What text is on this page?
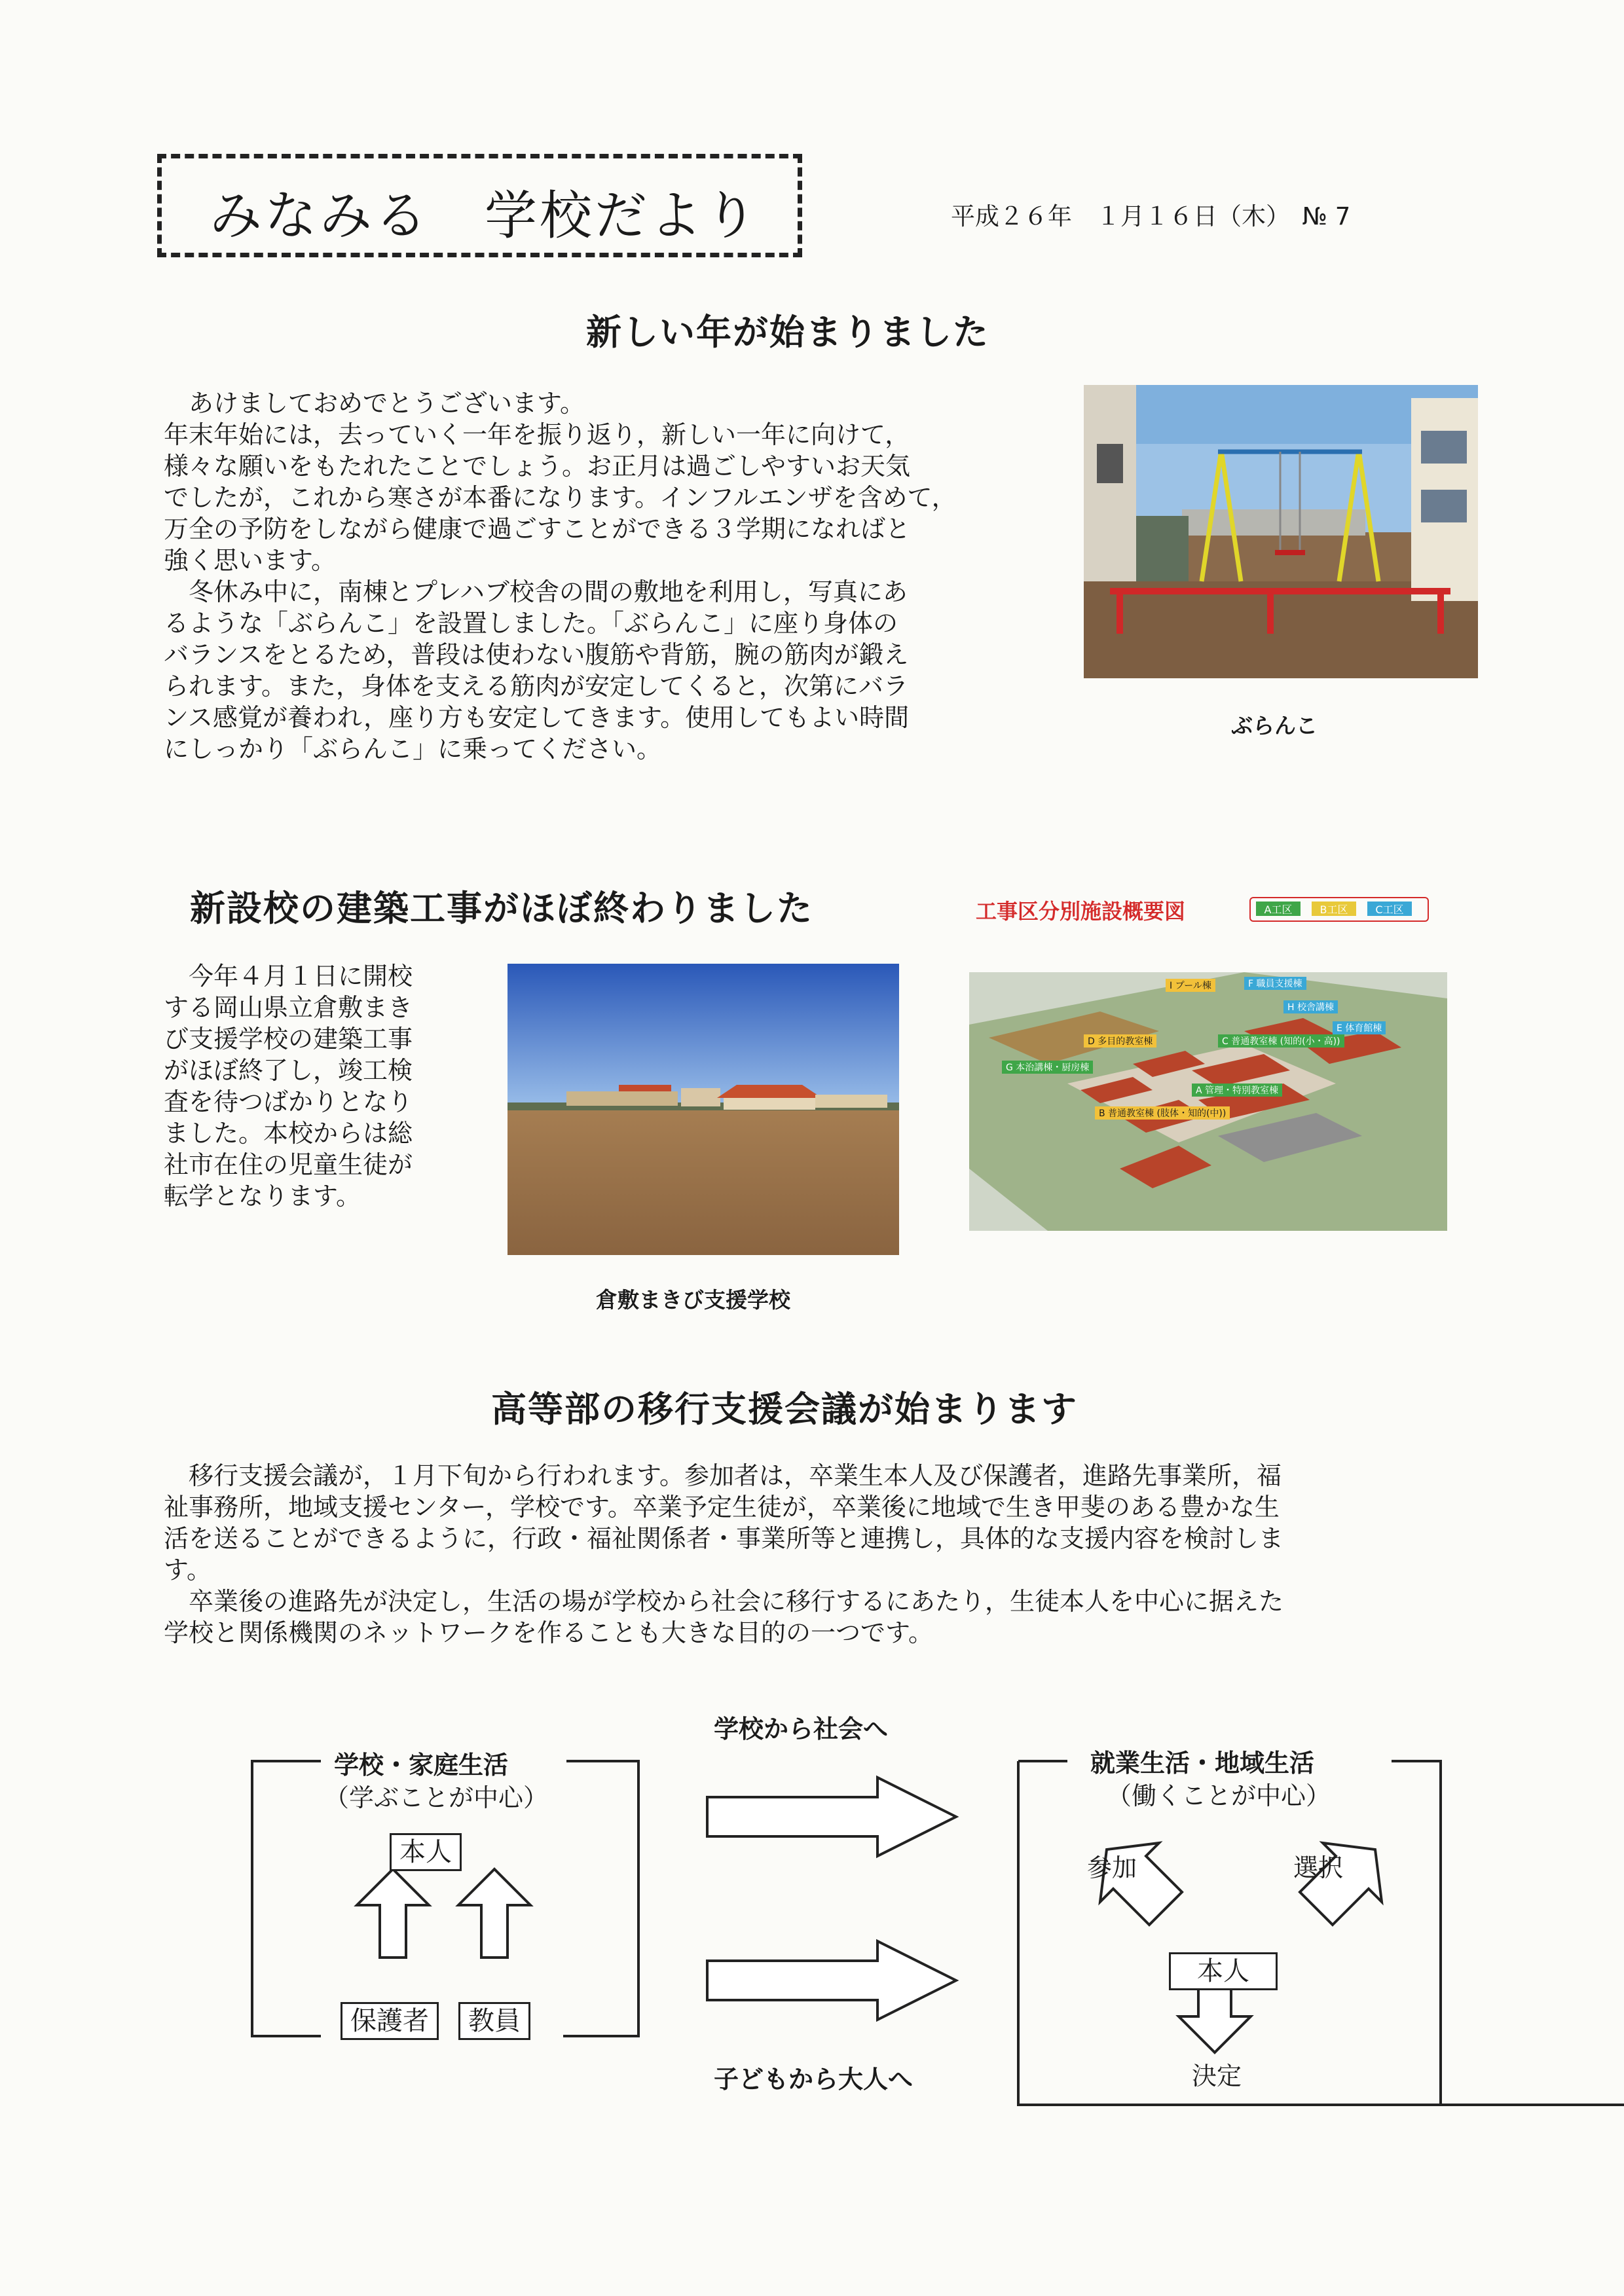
みなみる　学校だより	平成２６年　１月１６日（木）　№ 7
新しい年が始まりました

　あけましておめでとうございます。

年末年始には，去っていく一年を振り返り，新しい一年に向けて，

様々な願いをもたれたことでしょう。お正月は過ごしやすいお天気

でしたが，これから寒さが本番になります。インフルエンザを含めて，

万全の予防をしながら健康で過ごすことができる３学期になればと

強く思います。

　冬休み中に，南棟とプレハブ校舎の間の敷地を利用し，写真にあ

るような「ぶらんこ」を設置しました。「ぶらんこ」に座り身体の

バランスをとるため，普段は使わない腹筋や背筋，腕の筋肉が鍛え

られます。また，身体を支える筋肉が安定してくると，次第にバラ

ンス感覚が養われ，座り方も安定してきます。使用してもよい時間

にしっかり「ぶらんこ」に乗ってください。

ぶらんこ
新設校の建築工事がほぼ終わりました

　今年４月１日に開校

する岡山県立倉敷まき

び支援学校の建築工事

がほぼ終了し，竣工検

査を待つばかりとなり

ました。本校からは総

社市在住の児童生徒が

転学となります。

倉敷まきび支援学校
工事区分別施設概要図	A工区	B工区	C工区
I プール棟	F 職員支援棟
H 校舎講棟
D 多目的教室棟	C 普通教室棟 (知的(小・高))
E 体育館棟
G 本治講棟・厨房棟
A 管理・特別教室棟
B 普通教室棟 (肢体・知的(中))
高等部の移行支援会議が始まります

　移行支援会議が，１月下旬から行われます。参加者は，卒業生本人及び保護者，進路先事業所，福

祉事務所，地域支援センター，学校です。卒業予定生徒が，卒業後に地域で生き甲斐のある豊かな生

活を送ることができるように，行政・福祉関係者・事業所等と連携し，具体的な支援内容を検討しま

す。

　卒業後の進路先が決定し，生活の場が学校から社会に移行するにあたり，生徒本人を中心に据えた

学校と関係機関のネットワークを作ることも大きな目的の一つです。

学校・家庭生活
（学ぶことが中心）
本人
保護者	教員
学校から社会へ
子どもから大人へ
就業生活・地域生活
（働くことが中心）
参加	選択
本人
決定
